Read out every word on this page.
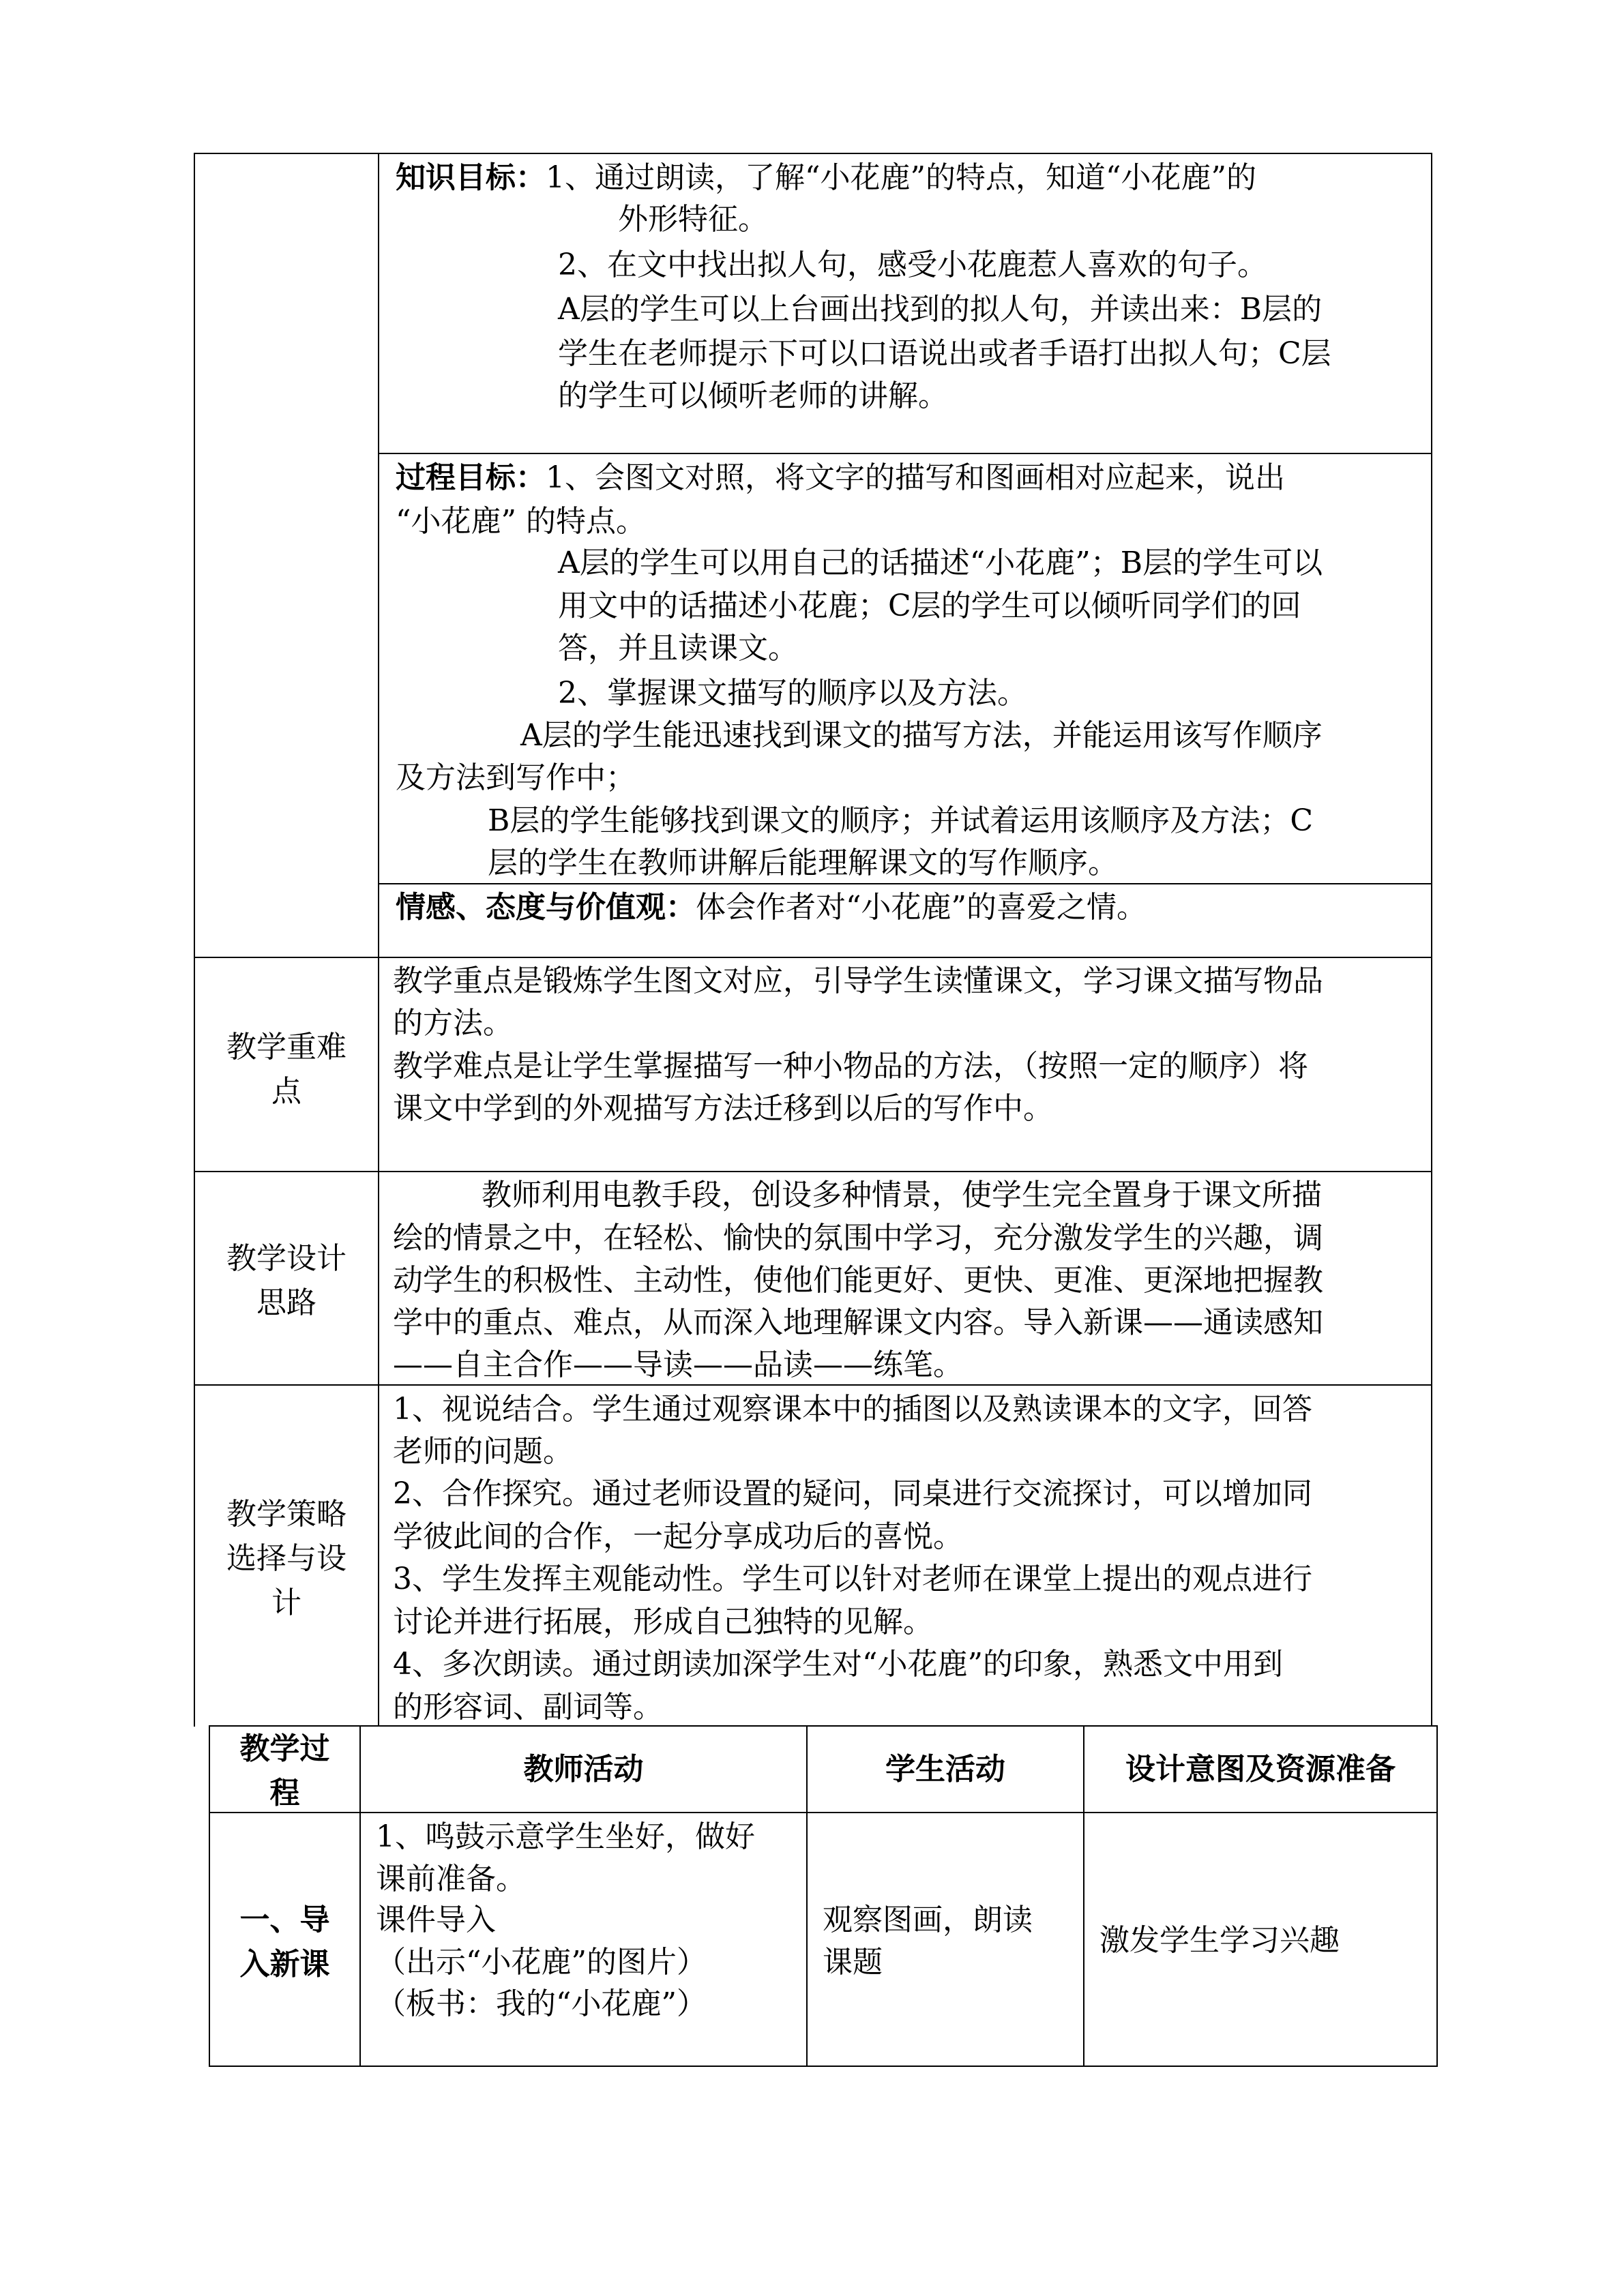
知识目标：1、通过朗读，了解“小花鹿”的特点，知道“小花鹿”的
外形特征。
2、在文中找出拟人句，感受小花鹿惹人喜欢的句子。
A层的学生可以上台画出找到的拟人句，并读出来：B层的
学生在老师提示下可以口语说出或者手语打出拟人句；C层
的学生可以倾听老师的讲解。
过程目标：1、会图文对照，将文字的描写和图画相对应起来，说出
“小花鹿” 的特点。
A层的学生可以用自己的话描述“小花鹿”；B层的学生可以
用文中的话描述小花鹿；C层的学生可以倾听同学们的回
答，并且读课文。
2、掌握课文描写的顺序以及方法。
A层的学生能迅速找到课文的描写方法，并能运用该写作顺序
及方法到写作中；
B层的学生能够找到课文的顺序；并试着运用该顺序及方法；C
层的学生在教师讲解后能理解课文的写作顺序。
情感、态度与价值观：体会作者对“小花鹿”的喜爱之情。
教学重难
点
教学重点是锻炼学生图文对应，引导学生读懂课文，学习课文描写物品
的方法。
教学难点是让学生掌握描写一种小物品的方法，（按照一定的顺序）将
课文中学到的外观描写方法迁移到以后的写作中。
教学设计
思路
教师利用电教手段，创设多种情景，使学生完全置身于课文所描
绘的情景之中，在轻松、愉快的氛围中学习，充分激发学生的兴趣，调
动学生的积极性、主动性，使他们能更好、更快、更准、更深地把握教
学中的重点、难点，从而深入地理解课文内容。导入新课——通读感知
——自主合作——导读——品读——练笔。
教学策略
选择与设
计
1、视说结合。学生通过观察课本中的插图以及熟读课本的文字，回答
老师的问题。
2、合作探究。通过老师设置的疑问，同桌进行交流探讨，可以增加同
学彼此间的合作，一起分享成功后的喜悦。
3、学生发挥主观能动性。学生可以针对老师在课堂上提出的观点进行
讨论并进行拓展，形成自己独特的见解。
4、多次朗读。通过朗读加深学生对“小花鹿”的印象，熟悉文中用到
的形容词、副词等。
教学过
程
教师活动	学生活动	设计意图及资源准备
一、导
入新课
1、鸣鼓示意学生坐好，做好
课前准备。
课件导入
（出示“小花鹿”的图片）
（板书：我的“小花鹿”）
观察图画，朗读
课题
激发学生学习兴趣
